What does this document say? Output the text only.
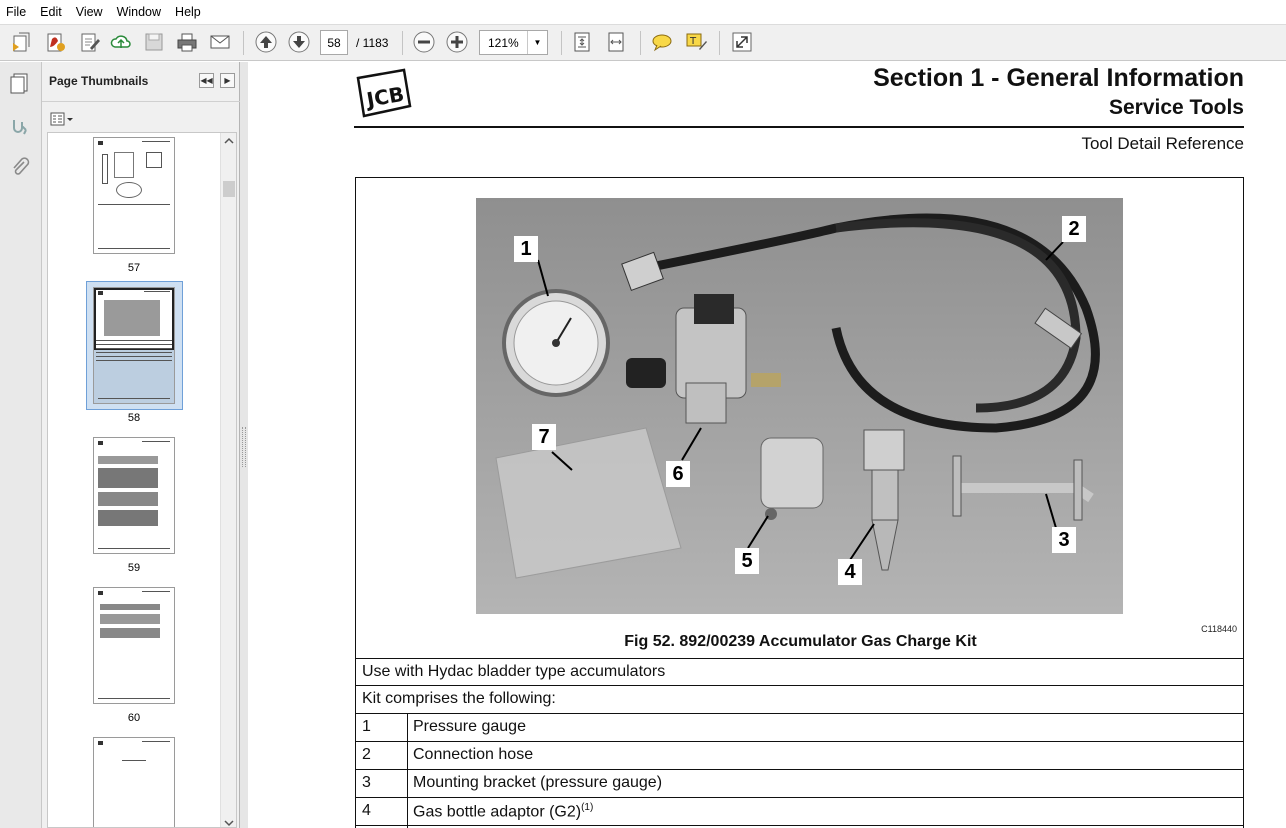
File	Edit	View	Window	Help
58	/ 1183	121%	▼	T
Page Thumbnails	◀◀	▶
57
58
59
60
JCB
Section 1 - General Information
Service Tools
Tool Detail Reference
1
2
3
4
5
6
7
C118440
Fig 52. 892/00239 Accumulator Gas Charge Kit
Use with Hydac bladder type accumulators
Kit comprises the following:
1	Pressure gauge
2	Connection hose
3	Mounting bracket (pressure gauge)
4	Gas bottle adaptor $(G2)^{(1)}$
